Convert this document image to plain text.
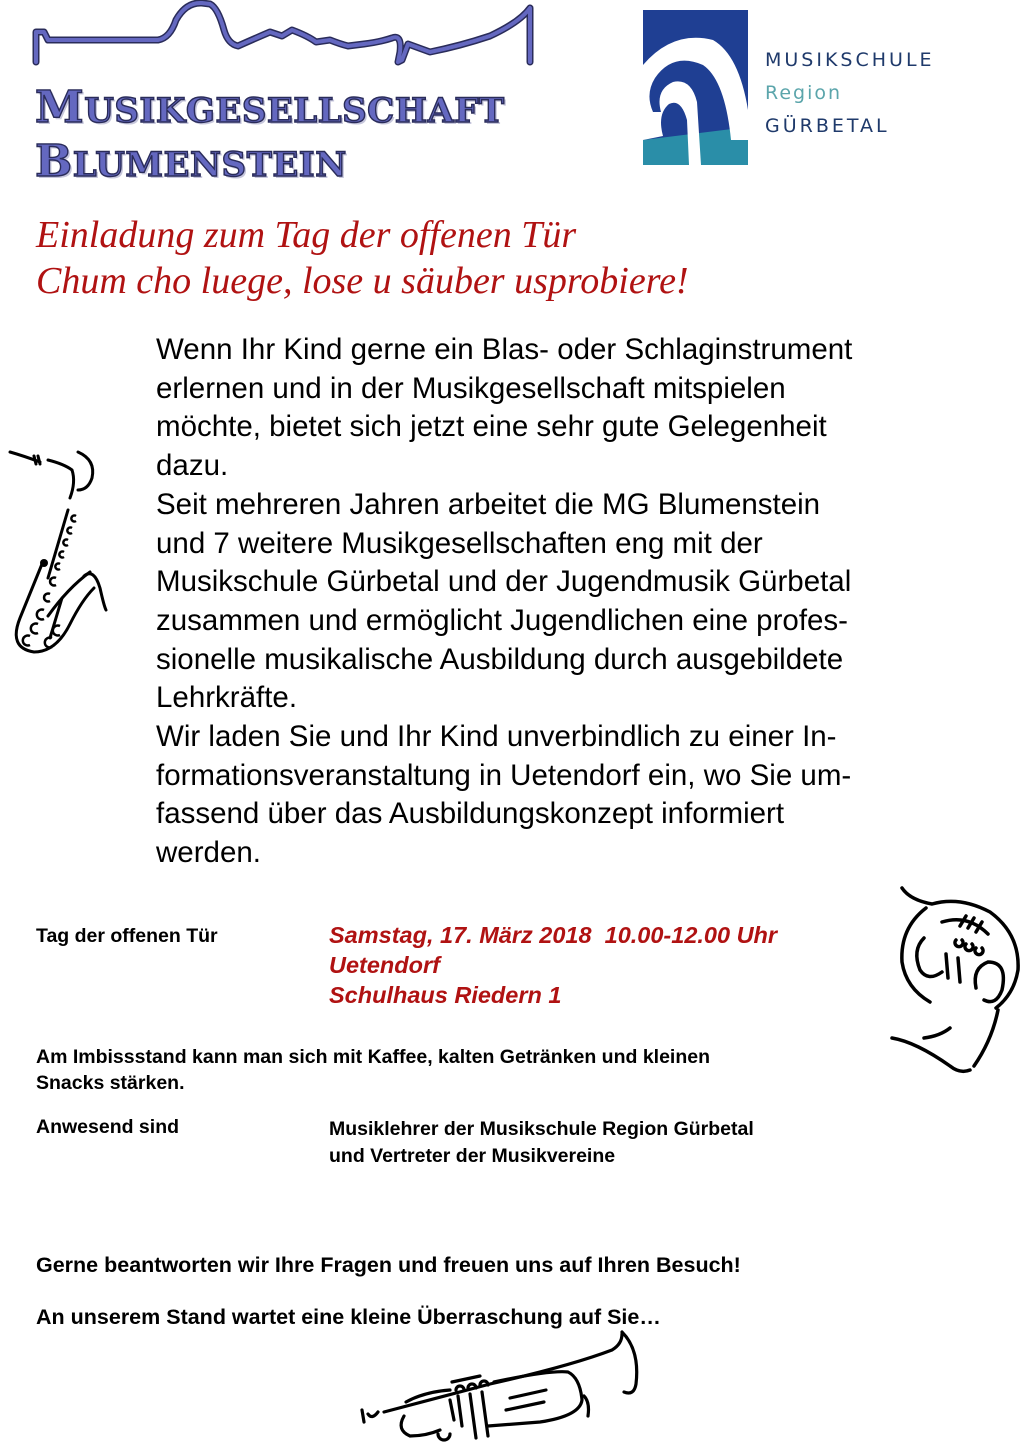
MUSIKGESELLSCHAFT
BLUMENSTEIN
MUSIKSCHULE
Region
GÜRBETAL
Einladung zum Tag der offenen Tür
Chum cho luege, lose u säuber usprobiere!
Wenn Ihr Kind gerne ein Blas- oder Schlaginstrument
erlernen und in der Musikgesellschaft mitspielen
möchte, bietet sich jetzt eine sehr gute Gelegenheit
dazu.
Seit mehreren Jahren arbeitet die MG Blumenstein
und 7 weitere Musikgesellschaften eng mit der
Musikschule Gürbetal und der Jugendmusik Gürbetal
zusammen und ermöglicht Jugendlichen eine profes-
sionelle musikalische Ausbildung durch ausgebildete
Lehrkräfte.
Wir laden Sie und Ihr Kind unverbindlich zu einer In-
formationsveranstaltung in Uetendorf ein, wo Sie um-
fassend über das Ausbildungskonzept informiert
werden.
Tag der offenen Tür	Samstag, 17. März 2018  10.00-12.00 Uhr
Uetendorf
Schulhaus Riedern 1
Am Imbissstand kann man sich mit Kaffee, kalten Getränken und kleinen
Snacks stärken.
Anwesend sind	Musiklehrer der Musikschule Region Gürbetal
und Vertreter der Musikvereine
Gerne beantworten wir Ihre Fragen und freuen uns auf Ihren Besuch!
An unserem Stand wartet eine kleine Überraschung auf Sie…
